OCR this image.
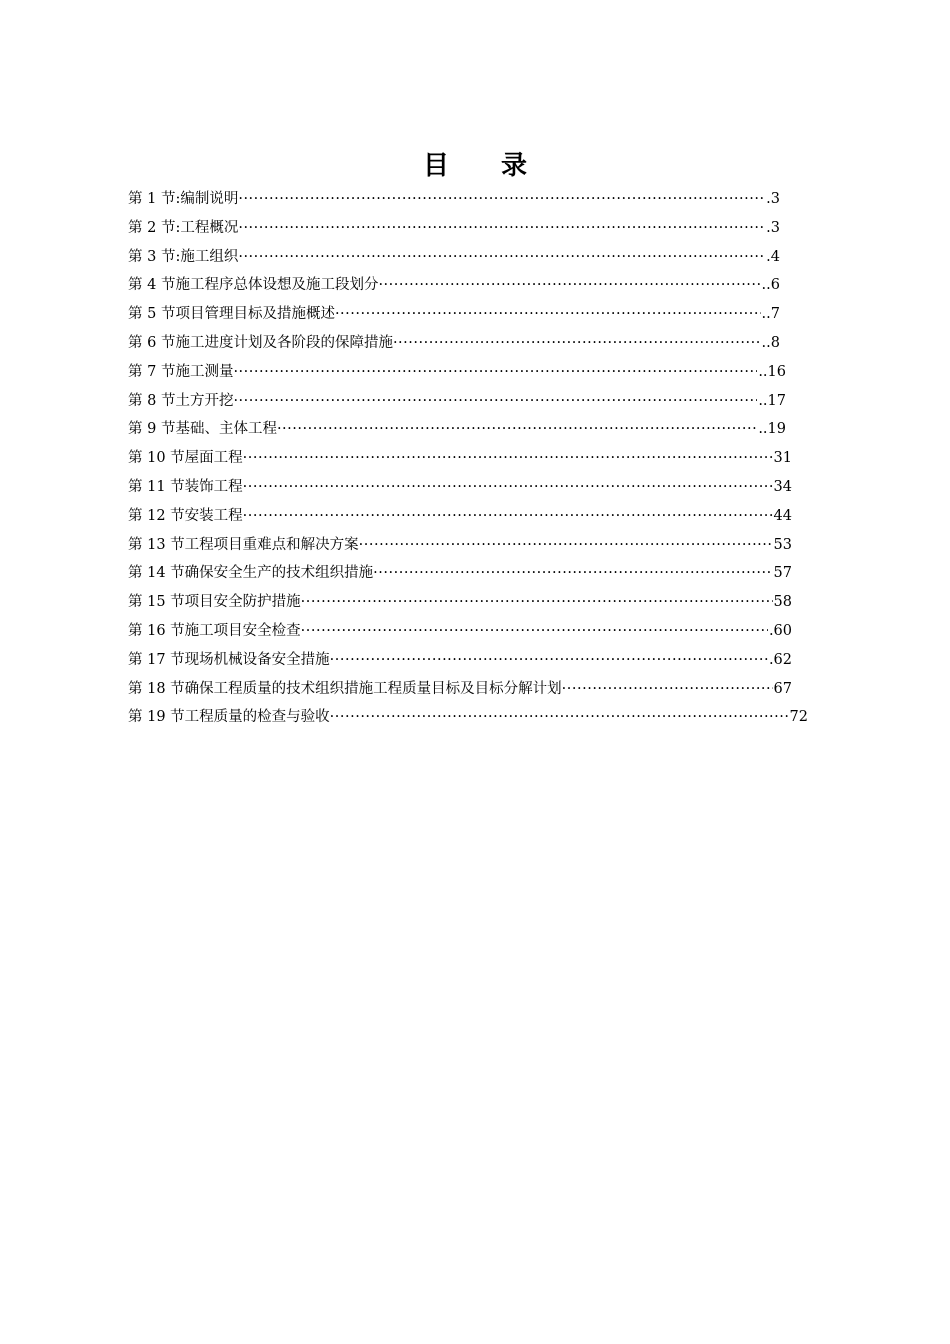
目 录
第 1 节:编制说明 ·····	.3
第 2 节:工程概况 ·····	.3
第 3 节:施工组织 ·····	.4
第 4 节施工程序总体设想及施工段划分 ·····	..6
第 5 节项目管理目标及措施概述 ·····	..7
第 6 节施工进度计划及各阶段的保障措施 ·····	..8
第 7 节施工测量 ·····	..16
第 8 节土方开挖 ·····	..17
第 9 节基础、主体工程 ·····	..19
第 10 节屋面工程 ·····	31
第 11 节装饰工程 ·····	34
第 12 节安装工程 ·····	44
第 13 节工程项目重难点和解决方案 ·····	53
第 14 节确保安全生产的技术组织措施 ·····	57
第 15 节项目安全防护措施 ·····	58
第 16 节施工项目安全检查 ·····	.60
第 17 节现场机械设备安全措施 ·····	.62
第 18 节确保工程质量的技术组织措施工程质量目标及目标分解计划 ·····	67
第 19 节工程质量的检查与验收 ·····	72
